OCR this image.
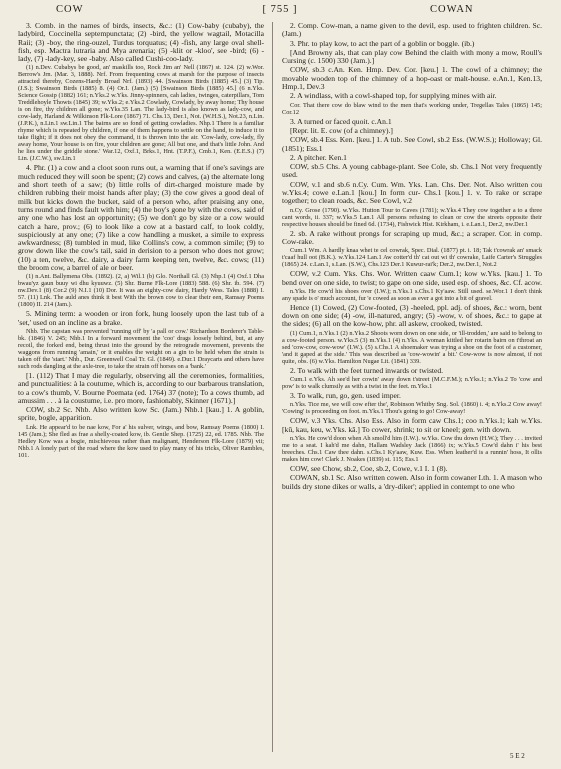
COW	[ 755 ]	COWAN

3. Comb. in the names of birds, insects, &c.: (1) Cow-baby (cubaby), the ladybird, Coccinella septempunctata; (2) -bird, the yellow wagtail, Motacilla Raii; (3) -boy, the ring-ouzel, Turdus torquatus; (4) -fish, any large oval shell-fish, esp. Mactra lutraria and Mya arenaria; (5) -klit or -kloo', see -bird; (6) -lady, (7) -lady-key, see -baby. Also called Cushi-coo-lady.

(1) n.Dev. Cubabys be good, an' maskills too, Rock Jim an' Nell (1867) st. 124. (2) w.Wor. Berrow's Jrn. (Mar. 3, 1888). Nrf. From frequenting cows at marsh for the purpose of insects attracted thereby, Cozens-Hardy Broad Nrf. (1893) 44. [Swainson Birds (1885) 45.] (3) Tip. (J.S.); Swainson Birds (1885) 8. (4) Or.I. (Jam.) (5) [Swainson Birds (1885) 45.] (6 n.Yks. Science Gossip (1882) 161; n.Yks.2 w.Yks. Jinny-spinners, cah ladies, twinges, caterpillars, Tom Treddlehoyle Thowts (1845) 39; w.Yks.2; e.Yks.2 Cowlady, Cowlady, by away home; Thy house is on fire, thy children all gone; w.Yks.35 Lan. The lady-bird is also known as lady-cow, and cow-lady, Harland & Wilkinson Flk-Lore (1867) 71. Chs.13, Der.1, Not. (W.H.S.), Not.23, n.Lin. (J.P.K.), n.Lin.1 sw.Lin.1 The bairns are so fond of getting cowladies. Nhp.1 There is a familiar rhyme which is repeated by children, if one of them happens to settle on the hand, to induce it to take flight; if it does not obey the command, it is thrown into the air. 'Cow-lady, cow-lady, fly away home, Your house is on fire, your children are gone; All but one, and that's little John. And he lies under the griddle stone.' War.12, Oxf.1, Brks.1, Hnt. (T.P.F.), Cmb.1, Ken. (E.E.S.) (7) Lin. (J.C.W.), sw.Lin.1

4. Phr. (1) a cow and a cloot soon runs out, a warning that if one's savings are much reduced they will soon be spent; (2) cows and calves, (a) the alternate long and short teeth of a saw; (b) little rolls of dirt-charged moisture made by children rubbing their moist hands after play; (3) the cow gives a good deal of milk but kicks down the bucket, said of a person who, after praising any one, turns round and finds fault with him; (4) the boy's gone by with the cows, said of any one who has lost an opportunity; (5) we don't go by size or a cow would catch a hare, prov.; (6) to look like a cow at a bastard calf, to look coldly, suspiciously at any one; (7) like a cow handling a musket, a simile to express awkwardness; (8) tumbled in mud, like Collins's cow, a common simile; (9) to grow down like the cow's tail, said in derision to a person who does not grow; (10) a ten, twelve, &c. dairy, a dairy farm keeping ten, twelve, &c. cows; (11) the broom cow, a barrel of ale or beer.

(1) n.Ant. Ballymena Obs. (1892). (2, a) Wil.1 (b) Glo. Northall Gl. (3) Nhp.1 (4) Oxf.1 Dha bwau'yz gaun buuy wi dhu kyuuwz. (5) Shr. Burne Flk-Lore (1883) 588. (6) Shr. ib. 594. (7) nw.Dev.1 (8) Cor.2 (9) N.I.1 (10) Dor. It was an eighty-cow dairy, Hardy Wess. Tales (1888) I. 57. (11) Lnk. The auld anes think it best With the brown cow to clear their een, Ramsay Poems (1800) II. 214 (Jam.).

5. Mining term: a wooden or iron fork, hung loosely upon the last tub of a 'set,' used on an incline as a brake.

Nhb. The capstan was prevented 'running off' by 'a pall or cow.' Richardson Borderer's Table-bk. (1846) V. 245; Nhb.1 In a forward movement the 'coo' drags loosely behind, but, at any recoil, the forked end, being thrust into the ground by the retrograde movement, prevents the waggons from running 'amain,' or it enables the weight on a gin to be held when the strain is taken off the 'start.' Nhb., Dur. Greenwell Coal Tr. Gl. (1849). e.Dur.1 Draycarts and others have such rods dangling at the axle-tree, to take the strain off horses on a 'bank.'

[1. (112) That I may die regularly, observing all the ceremonies, formalities, and punctualities: à la coutume, which is, according to our barbarous translation, to a cow's thumb, V. Bourne Poemata (ed. 1764) 37 (note); To a cows thumb, ad amussim . . . à la coustume, i.e. pro more, fashionably, Skinner (1671).]

COW, sb.2 Sc. Nhb. Also written kow Sc. (Jam.) Nhb.1 [kau.] 1. A goblin, sprite, bogle, apparition.

Lnk. He appear'd to be nae kow, For a' his sulver, wings, and bow, Ramsay Poems (1800) I. 145 (Jam.); She fled as frae a shelly-coated kow, ib. Gentle Shep. (1725) 22, ed. 1785. Nhb. The Hedley Kow was a bogie, mischievous rather than malignant, Henderson Flk-Lore (1879) vii; Nhb.1 A lonely part of the road where the kow used to play many of his tricks, Oliver Rambles, 101.

2. Comp. Cow-man, a name given to the devil, esp. used to frighten children. Sc. (Jam.)

3. Phr. to play kow, to act the part of a goblin or boggle. (ib.)

[And Browny als, that can play cow Behind the claith with mony a mow, Roull's Cursing (c. 1500) 330 (Jam.).]

COW, sb.3 c.An. Ken. Hmp. Dev. Cor. [keu.] 1. The cowl of a chimney; the movable wooden top of the chimney of a hop-oast or malt-house. e.An.1, Ken.13, Hmp.1, Dev.3

2. A windlass, with a cowl-shaped top, for supplying mines with air.

Cor. That there cow do blaw wind to the men that's working under, Tregellas Tales (1865) 145; Cor.12

3. A turned or faced quoit. c.An.1

[Repr. lit. E. cow (of a chimney).]

COW, sb.4 Ess. Ken. [keu.] 1. A tub. See Cowl, sb.2 Ess. (W.W.S.); Holloway; Gl. (1851); Ess.1

2. A pitcher. Ken.1

COW, sb.5 Chs. A young cabbage-plant. See Cole, sb. Chs.1 Not very frequently used.

COW, v.1 and sb.6 n.Cy. Cum. Wm. Yks. Lan. Chs. Der. Not. Also written cou w.Yks.4; cowe e.Lan.1 [kou.] In form cur- Chs.1 [kou.] 1. v. To rake or scrape together; to clean roads, &c. See Cowl, v.2

n.Cy. Grose (1790). w.Yks. Hutton Tour to Caves (1781); w.Yks.4 They cow together a to a three cant words, ii. 337; w.Yks.5 Lan.1 All persons refusing to clean or cow the streets opposite their respective houses should be fined 6d. (1734), Fishwick Hist. Kirkham, i. e.Lan.1, Der.2, nw.Der.1

2. sb. A rake without prongs for scraping up mud, &c.; a scraper. Cor. in comp. Cow-rake.

Cum.1 Wm. A hardly knaa whet te cel cowrak, Spec. Dial. (1877) pt. i. 18; Tak t'cowrak an' smack t'caaf hull oot (B.K.). w.Yks.124 Lan.1 Aw cotter'd th' cat out wi th' cowrake, Laife Carter's Struggles (1865) 24. c.Lan.1, s.Lan. (S.W.), Chs.123 Der.1 Kuwur-rai'k; Der.2, nw.Der.1, Not.2

COW, v.2 Cum. Yks. Chs. Wor. Written caaw Cum.1; kow w.Yks. [kau.] 1. To bend over on one side, to twist; to gape on one side, used esp. of shoes, &c. Cf. acow.

n.Yks. He cow'd his shoes over (I.W.); n.Yks.1 s.Chs.1 Ky'aaw. Still used. se.Wor.1 I don't think any spade is o' much account, fur 'e cowed as soon as ever a got into a bit of gravel.

Hence (1) Cowed, (2) Cow-footed, (3) -heeled, ppl. adj. of shoes, &c.: worn, bent down on one side; (4) -ow, ill-natured, angry; (5) -wow, v. of shoes, &c.: to gape at the sides; (6) all on the kow-how, phr. all askew, crooked, twisted.

(1) Cum.1, n.Yks.1 (2) n.Yks.2 Shoots worn down on one side, or 'ill-trodden,' are said to belong to a cow-footed person. w.Yks.5 (3) m.Yks.1 (4) n.Yks. A woman kittled her rotarin bairn on t'throat an sed 'cow-cow, cow-wow' (I.W.). (5) s.Chs.1 A shoemaker was trying a shoe on the foot of a customer, 'and it gaped at the side.' This was described as 'cow-wowin' a bit.' Cow-wow is now almost, if not quite, obs. (6) w.Yks. Hamilton Nugae Lit. (1841) 339.

2. To walk with the feet turned inwards or twisted.

Cum.1 e.Yks. Ah see'd her cowin' away down t'street (M.C.F.M.); n.Yks.1; n.Yks.2 To 'cow and pow' is to walk clumsily as with a twist in the feet. m.Yks.1

3. To walk, run, go, gen. used imper.

n.Yks. Tice me, we will cow efter the', Robinson Whitby Sng. Sol. (1860) i. 4; n.Yks.2 Cow away! 'Cowing' is proceeding on foot. m.Yks.1 Thou's going to go! Cow-away!

COW, v.3 Yks. Chs. Also Ess. Also in form caw Chs.1; coo n.Yks.1; kah w.Yks. [kū, kau, keu, w.Yks. kā.] To cower, shrink; to sit or kneel; gen. with down.

n.Yks. He cow'd doon when Ah smoll'd him (I.W.). w.Yks. Cow thu down (H.W.); They . . . invited me to a seat. I kah'd me dahn, Hallam Wadsley Jack (1866) ix; w.Yks.5 Cow'd dahn i' his best breeches. Chs.1 Caw thee dahn. s.Chs.1 Ky'aaw, Kuw. Ess. When leather'd is a runnin' hoss, It ollis makes him cow! Clark J. Noakes (1839) st. 115; Ess.1

COW, see Chow, sb.2, Coe, sb.2, Cowe, v.1 I. 1 (8).

COWAN, sb.1 Sc. Also written cowen. Also in form cowaner Lth. 1. A mason who builds dry stone dikes or walls, a 'dry-diker'; applied in contempt to one who

5 E 2
